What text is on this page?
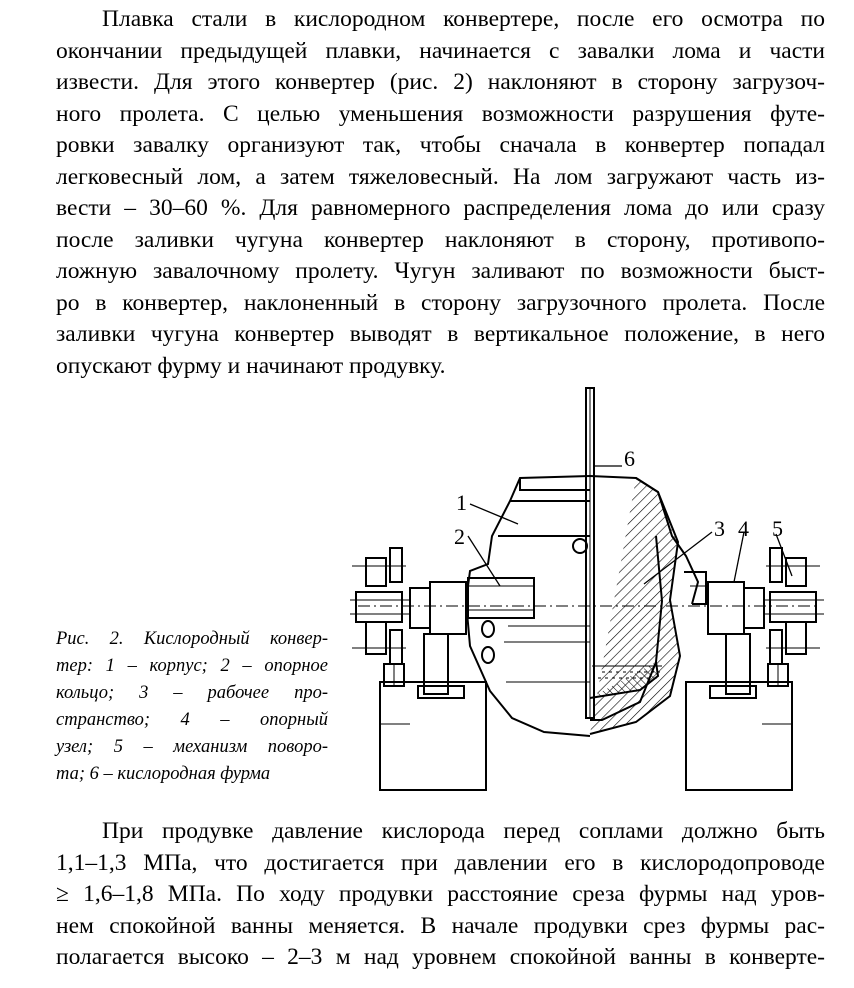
Плавка стали в кислородном конвертере, после его осмотра по
окончании предыдущей плавки, начинается с завалки лома и части
извести. Для этого конвертер (рис. 2) наклоняют в сторону загрузоч-
ного пролета. С целью уменьшения возможности разрушения футе-
ровки завалку организуют так, чтобы сначала в конвертер попадал
легковесный лом, а затем тяжеловесный. На лом загружают часть из-
вести – 30–60 %. Для равномерного распределения лома до или сразу
после заливки чугуна конвертер наклоняют в сторону, противопо-
ложную завалочному пролету. Чугун заливают по возможности быст-
ро в конвертер, наклоненный в сторону загрузочного пролета. После
заливки чугуна конвертер выводят в вертикальное положение, в него
опускают фурму и начинают продувку.
Рис. 2. Кислородный конвер-
тер: 1 – корпус; 2 – опорное
кольцо; 3 – рабочее про-
странство; 4 – опорный
узел; 5 – механизм поворо-
та; 6 – кислородная фурма
6
1
2	3 4 5
При продувке давление кислорода перед соплами должно быть
1,1–1,3 МПа, что достигается при давлении его в кислородопроводе
≥ 1,6–1,8 МПа. По ходу продувки расстояние среза фурмы над уров-
нем спокойной ванны меняется. В начале продувки срез фурмы рас-
полагается высоко – 2–3 м над уровнем спокойной ванны в конверте-
